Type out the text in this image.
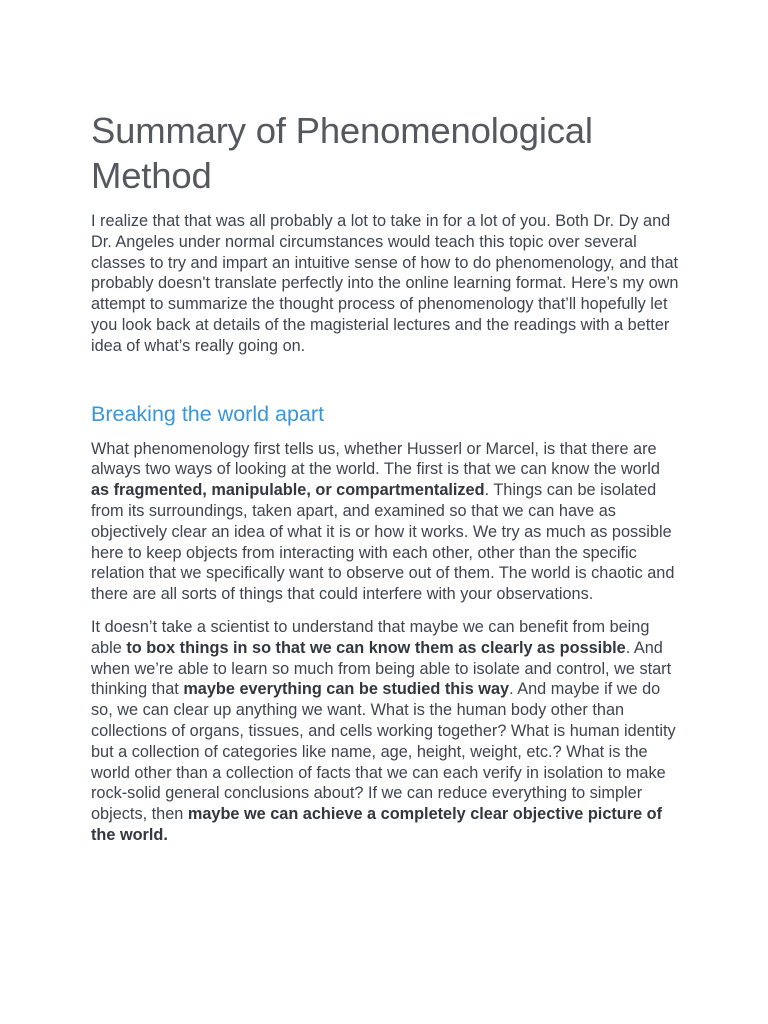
Summary of Phenomenological Method

I realize that that was all probably a lot to take in for a lot of you. Both Dr. Dy and Dr. Angeles under normal circumstances would teach this topic over several classes to try and impart an intuitive sense of how to do phenomenology, and that probably doesn't translate perfectly into the online learning format. Here’s my own attempt to summarize the thought process of phenomenology that’ll hopefully let you look back at details of the magisterial lectures and the readings with a better idea of what’s really going on.

Breaking the world apart

What phenomenology first tells us, whether Husserl or Marcel, is that there are always two ways of looking at the world. The first is that we can know the world as fragmented, manipulable, or compartmentalized. Things can be isolated from its surroundings, taken apart, and examined so that we can have as objectively clear an idea of what it is or how it works. We try as much as possible here to keep objects from interacting with each other, other than the specific relation that we specifically want to observe out of them. The world is chaotic and there are all sorts of things that could interfere with your observations.

It doesn’t take a scientist to understand that maybe we can benefit from being able to box things in so that we can know them as clearly as possible. And when we’re able to learn so much from being able to isolate and control, we start thinking that maybe everything can be studied this way. And maybe if we do so, we can clear up anything we want. What is the human body other than collections of organs, tissues, and cells working together? What is human identity but a collection of categories like name, age, height, weight, etc.? What is the world other than a collection of facts that we can each verify in isolation to make rock-solid general conclusions about? If we can reduce everything to simpler objects, then maybe we can achieve a completely clear objective picture of the world.
